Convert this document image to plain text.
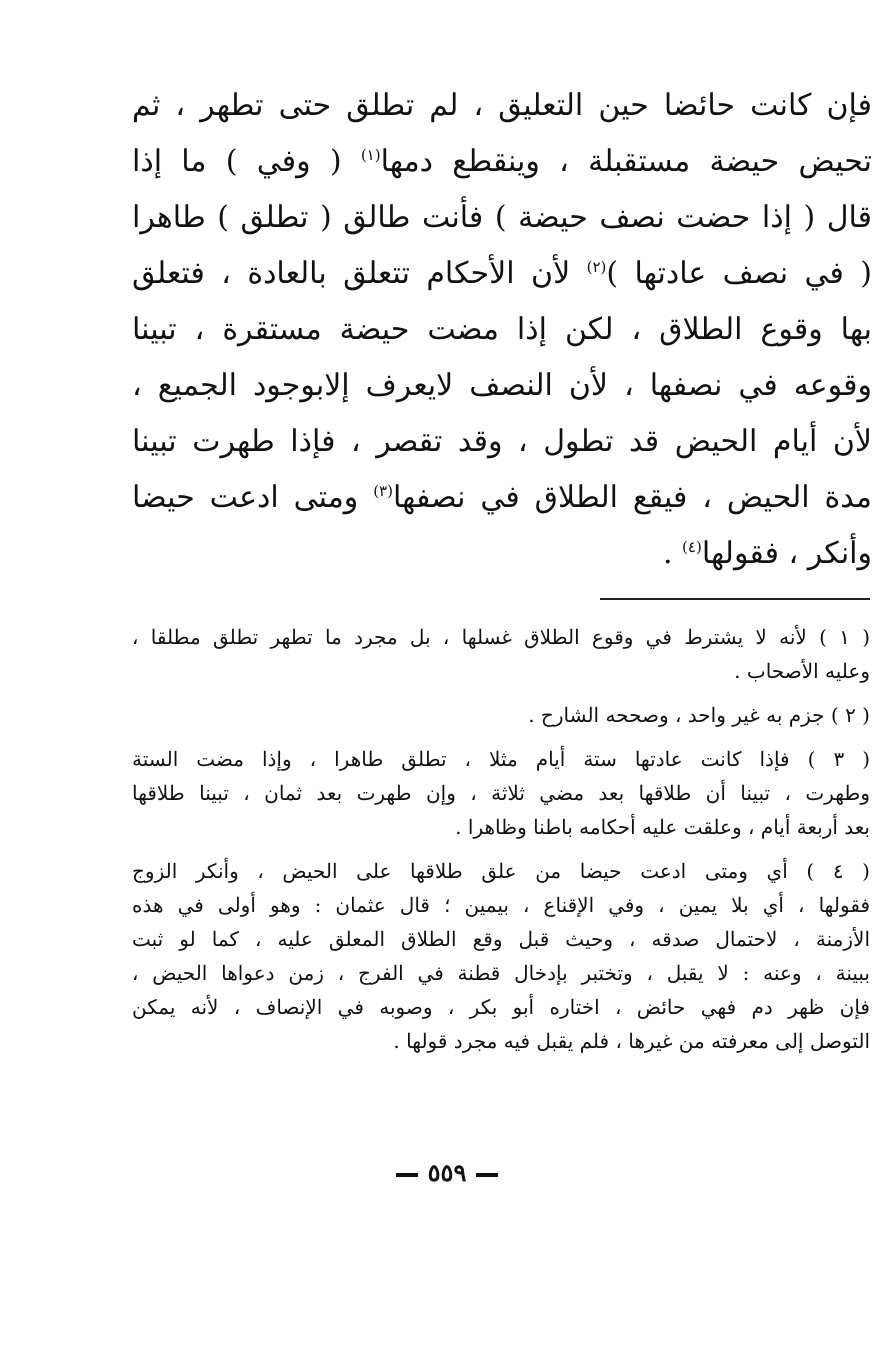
فإن كانت حائضا حين التعليق ، لم تطلق حتى تطهر ، ثم
تحيض حيضة مستقبلة ، وينقطع دمها$^{(١)}$ ( وفي ) ما إذا
قال ( إذا حضت نصف حيضة ) فأنت طالق ( تطلق ) طاهرا
( في نصف عادتها )$^{(٢)}$ لأن الأحكام تتعلق بالعادة ، فتعلق
بها وقوع الطلاق ، لكن إذا مضت حيضة مستقرة ، تبينا
وقوعه في نصفها ، لأن النصف لايعرف إلابوجود الجميع ،
لأن أيام الحيض قد تطول ، وقد تقصر ، فإذا طهرت تبينا
مدة الحيض ، فيقع الطلاق في نصفها$^{(٣)}$ ومتى ادعت حيضا
وأنكر ، فقولها$^{(٤)}$ .
( ١ ) لأنه لا يشترط في وقوع الطلاق غسلها ، بل مجرد ما تطهر تطلق مطلقا ،
وعليه الأصحاب .
( ٢ ) جزم به غير واحد ، وصححه الشارح .
( ٣ ) فإذا كانت عادتها ستة أيام مثلا ، تطلق طاهرا ، وإذا مضت الستة
وطهرت ، تبينا أن طلاقها بعد مضي ثلاثة ، وإن طهرت بعد ثمان ، تبينا طلاقها
بعد أربعة أيام ، وعلقت عليه أحكامه باطنا وظاهرا .
( ٤ ) أي ومتى ادعت حيضا من علق طلاقها على الحيض ، وأنكر الزوج
فقولها ، أي بلا يمين ، وفي الإقناع ، بيمين ؛ قال عثمان : وهو أولى في هذه
الأزمنة ، لاحتمال صدقه ، وحيث قبل وقع الطلاق المعلق عليه ، كما لو ثبت
ببينة ، وعنه : لا يقبل ، وتختبر بإدخال قطنة في الفرج ، زمن دعواها الحيض ،
فإن ظهر دم فهي حائض ، اختاره أبو بكر ، وصوبه في الإنصاف ، لأنه يمكن
التوصل إلى معرفته من غيرها ، فلم يقبل فيه مجرد قولها .
٥٥٩
